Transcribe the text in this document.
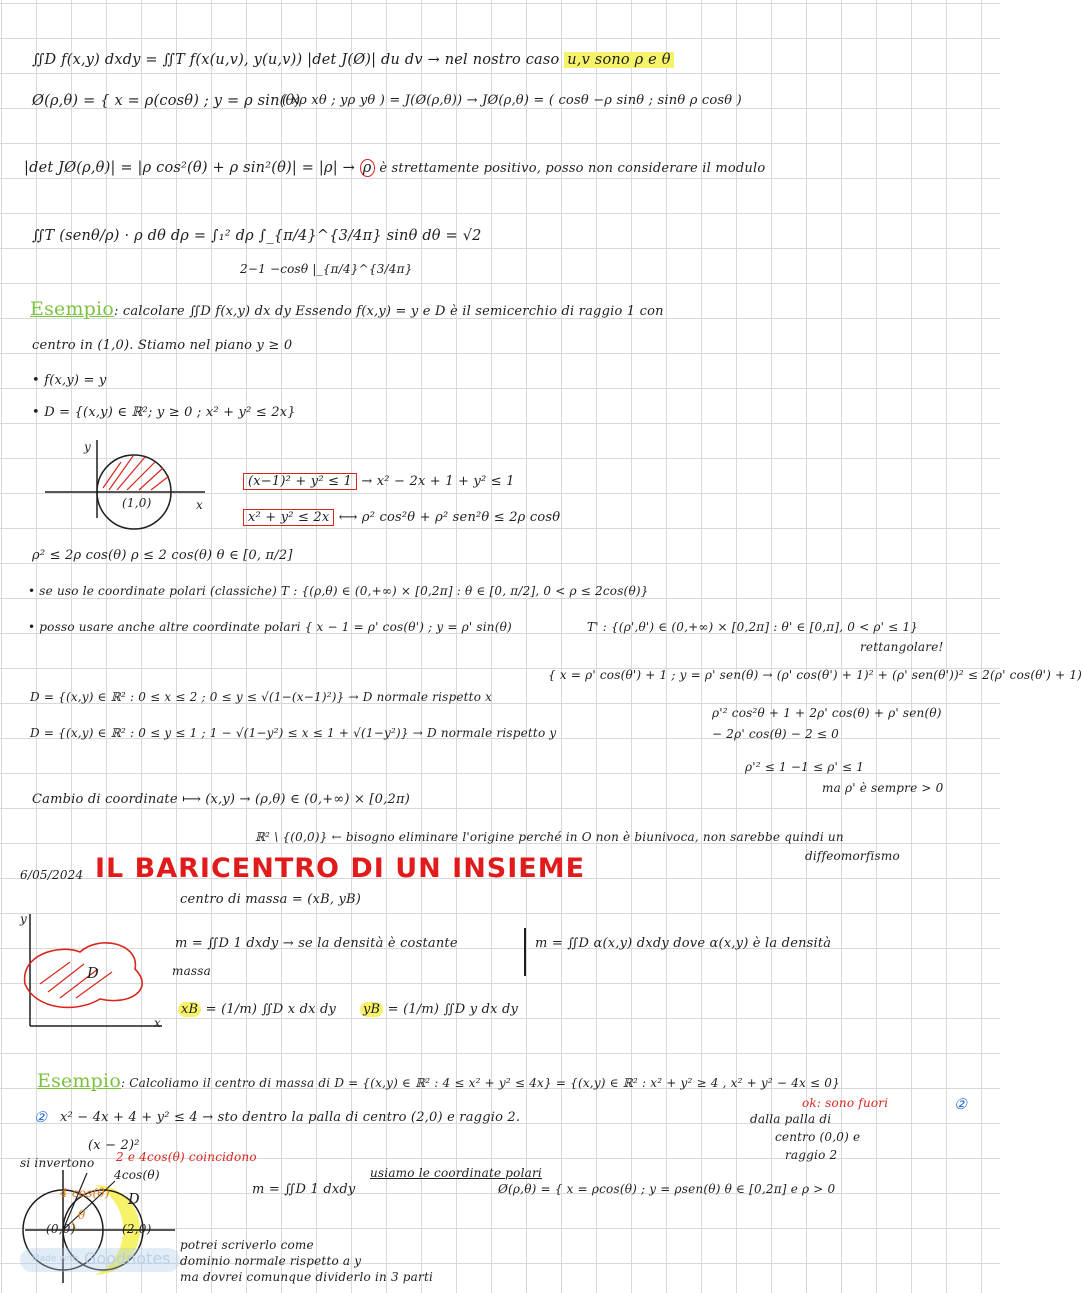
∬D f(x,y) dxdy = ∬T f(x(u,v), y(u,v)) |det J(Ø)| du dv → nel nostro caso u,v sono ρ e θ
Ø(ρ,θ) = { x = ρ(cosθ) ; y = ρ sin(θ)
( xρ xθ ; yρ yθ ) = J(Ø(ρ,θ)) → JØ(ρ,θ) = ( cosθ −ρ sinθ ; sinθ ρ cosθ )
|det JØ(ρ,θ)| = |ρ cos²(θ) + ρ sin²(θ)| = |ρ| → ρ è strettamente positivo, posso non considerare il modulo
∬T (senθ/ρ) · ρ dθ dρ = ∫₁² dρ ∫_{π/4}^{3/4π} sinθ dθ = √2
2−1 −cosθ |_{π/4}^{3/4π}
Esempio: calcolare ∬D f(x,y) dx dy Essendo f(x,y) = y e D è il semicerchio di raggio 1 con
centro in (1,0). Stiamo nel piano y ≥ 0
• f(x,y) = y
• D = {(x,y) ∈ ℝ²; y ≥ 0 ; x² + y² ≤ 2x}
(1,0)	x
y
(x−1)² + y² ≤ 1 → x² − 2x + 1 + y² ≤ 1
x² + y² ≤ 2x ⟷ ρ² cos²θ + ρ² sen²θ ≤ 2ρ cosθ
ρ² ≤ 2ρ cos(θ) ρ ≤ 2 cos(θ) θ ∈ [0, π/2]
• se uso le coordinate polari (classiche) T : {(ρ,θ) ∈ (0,+∞) × [0,2π] : θ ∈ [0, π/2], 0 < ρ ≤ 2cos(θ)}
• posso usare anche altre coordinate polari { x − 1 = ρ' cos(θ') ; y = ρ' sin(θ)	T' : {(ρ',θ') ∈ (0,+∞) × [0,2π] : θ' ∈ [0,π], 0 < ρ' ≤ 1}
rettangolare!
{ x = ρ' cos(θ') + 1 ; y = ρ' sen(θ) → (ρ' cos(θ') + 1)² + (ρ' sen(θ'))² ≤ 2(ρ' cos(θ') + 1)
D = {(x,y) ∈ ℝ² : 0 ≤ x ≤ 2 ; 0 ≤ y ≤ √(1−(x−1)²)} → D normale rispetto x
D = {(x,y) ∈ ℝ² : 0 ≤ y ≤ 1 ; 1 − √(1−y²) ≤ x ≤ 1 + √(1−y²)} → D normale rispetto y
ρ'² cos²θ + 1 + 2ρ' cos(θ) + ρ' sen(θ)
− 2ρ' cos(θ) − 2 ≤ 0
ρ'² ≤ 1 −1 ≤ ρ' ≤ 1
ma ρ' è sempre > 0
Cambio di coordinate ⟼ (x,y) → (ρ,θ) ∈ (0,+∞) × [0,2π)
ℝ² \ {(0,0)} ← bisogno eliminare l'origine perché in O non è biunivoca, non sarebbe quindi un
diffeomorfismo
6/05/2024 IL BARICENTRO DI UN INSIEME
centro di massa = (xB, yB)
D
x
y
m = ∬D 1 dxdy → se la densità è costante
massa
m = ∬D α(x,y) dxdy dove α(x,y) è la densità
xB = (1/m) ∬D x dx dy yB = (1/m) ∬D y dx dy
Esempio: Calcoliamo il centro di massa di D = {(x,y) ∈ ℝ² : 4 ≤ x² + y² ≤ 4x} = {(x,y) ∈ ℝ² : x² + y² ≥ 4 , x² + y² − 4x ≤ 0}
ok: sono fuori	②
dalla palla di
centro (0,0) e
raggio 2
② x² − 4x + 4 + y² ≤ 4 → sto dentro la palla di centro (2,0) e raggio 2.
(x − 2)²
si invertono 2 e 4cos(θ) coincidono
4cos(θ)
4 cos(θ) D
(0,0)	(2,0)
θ
m = ∬D 1 dxdy
usiamo le coordinate polari
Ø(ρ,θ) = { x = ρcos(θ) ; y = ρsen(θ) θ ∈ [0,2π] e ρ > 0
potrei scriverlo come
dominio normale rispetto a y
ma dovrei comunque dividerlo in 3 parti
Made with Goodnotes
